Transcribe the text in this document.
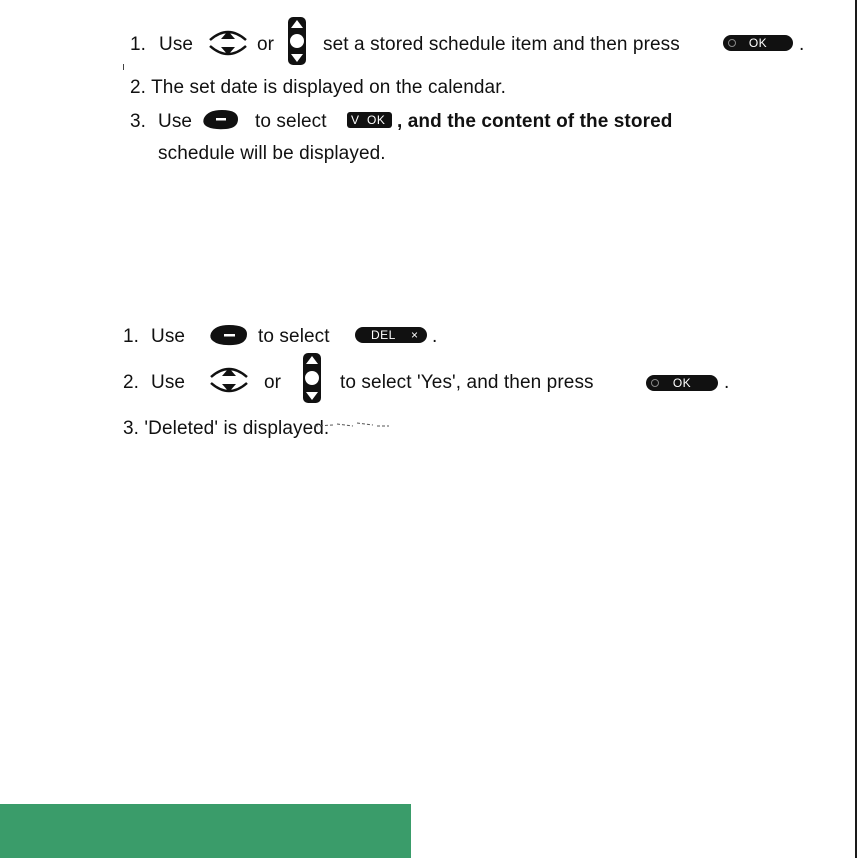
1. Use	or	set a stored schedule item and then press	OK	.
2. The set date is displayed on the calendar.
3. Use	to select V OK , and the content of the stored
schedule will be displayed.
1. Use	to select	DEL × .
2. Use	or	to select 'Yes', and then press	OK	.
3. 'Deleted' is displayed.
